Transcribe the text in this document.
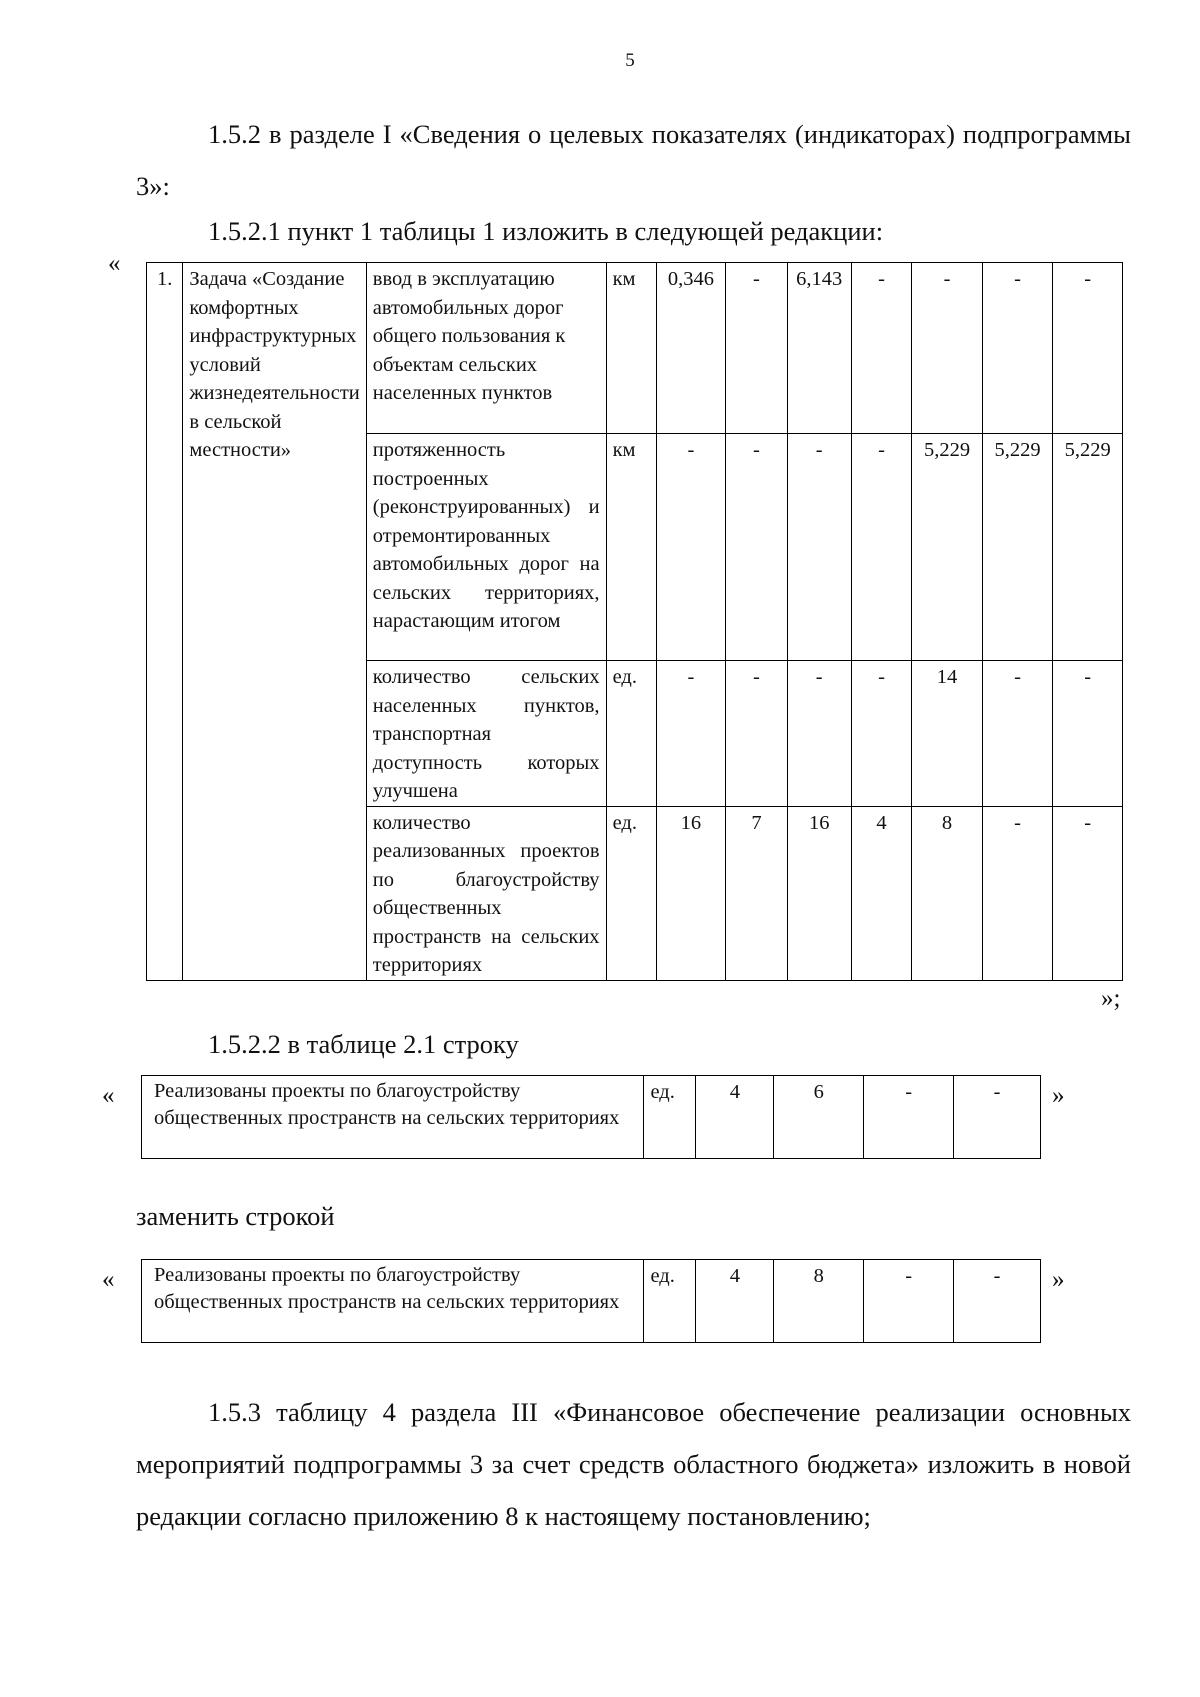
5

1.5.2 в разделе I «Сведения о целевых показателях (индикаторах) подпрограммы 3»:

1.5.2.1 пункт 1 таблицы 1 изложить в следующей редакции:

«
1.	Задача «Создание комфортных инфраструктурных условий жизнедеятельности в сельской местности»	ввод в эксплуатацию автомобильных дорог общего пользования к объектам сельских населенных пунктов	км	0,346	-	6,143	-	-	-	-
		протяженность построенных (реконструированных) и отремонтированных автомобильных дорог на сельских территориях, нарастающим итогом	км	-	-	-	-	5,229	5,229	5,229
		количество сельских населенных пунктов, транспортная доступность которых улучшена	ед.	-	-	-	-	14	-	-
		количество реализованных проектов по благоустройству общественных пространств на сельских территориях	ед.	16	7	16	4	8	-	-
»;

1.5.2.2 в таблице 2.1 строку

« Реализованы проекты по благоустройству общественных пространств на сельских территориях	ед.	4	6	-	- »

заменить строкой

« Реализованы проекты по благоустройству общественных пространств на сельских территориях	ед.	4	8	-	- »

1.5.3 таблицу 4 раздела III «Финансовое обеспечение реализации основных мероприятий подпрограммы 3 за счет средств областного бюджета» изложить в новой редакции согласно приложению 8 к настоящему постановлению;
